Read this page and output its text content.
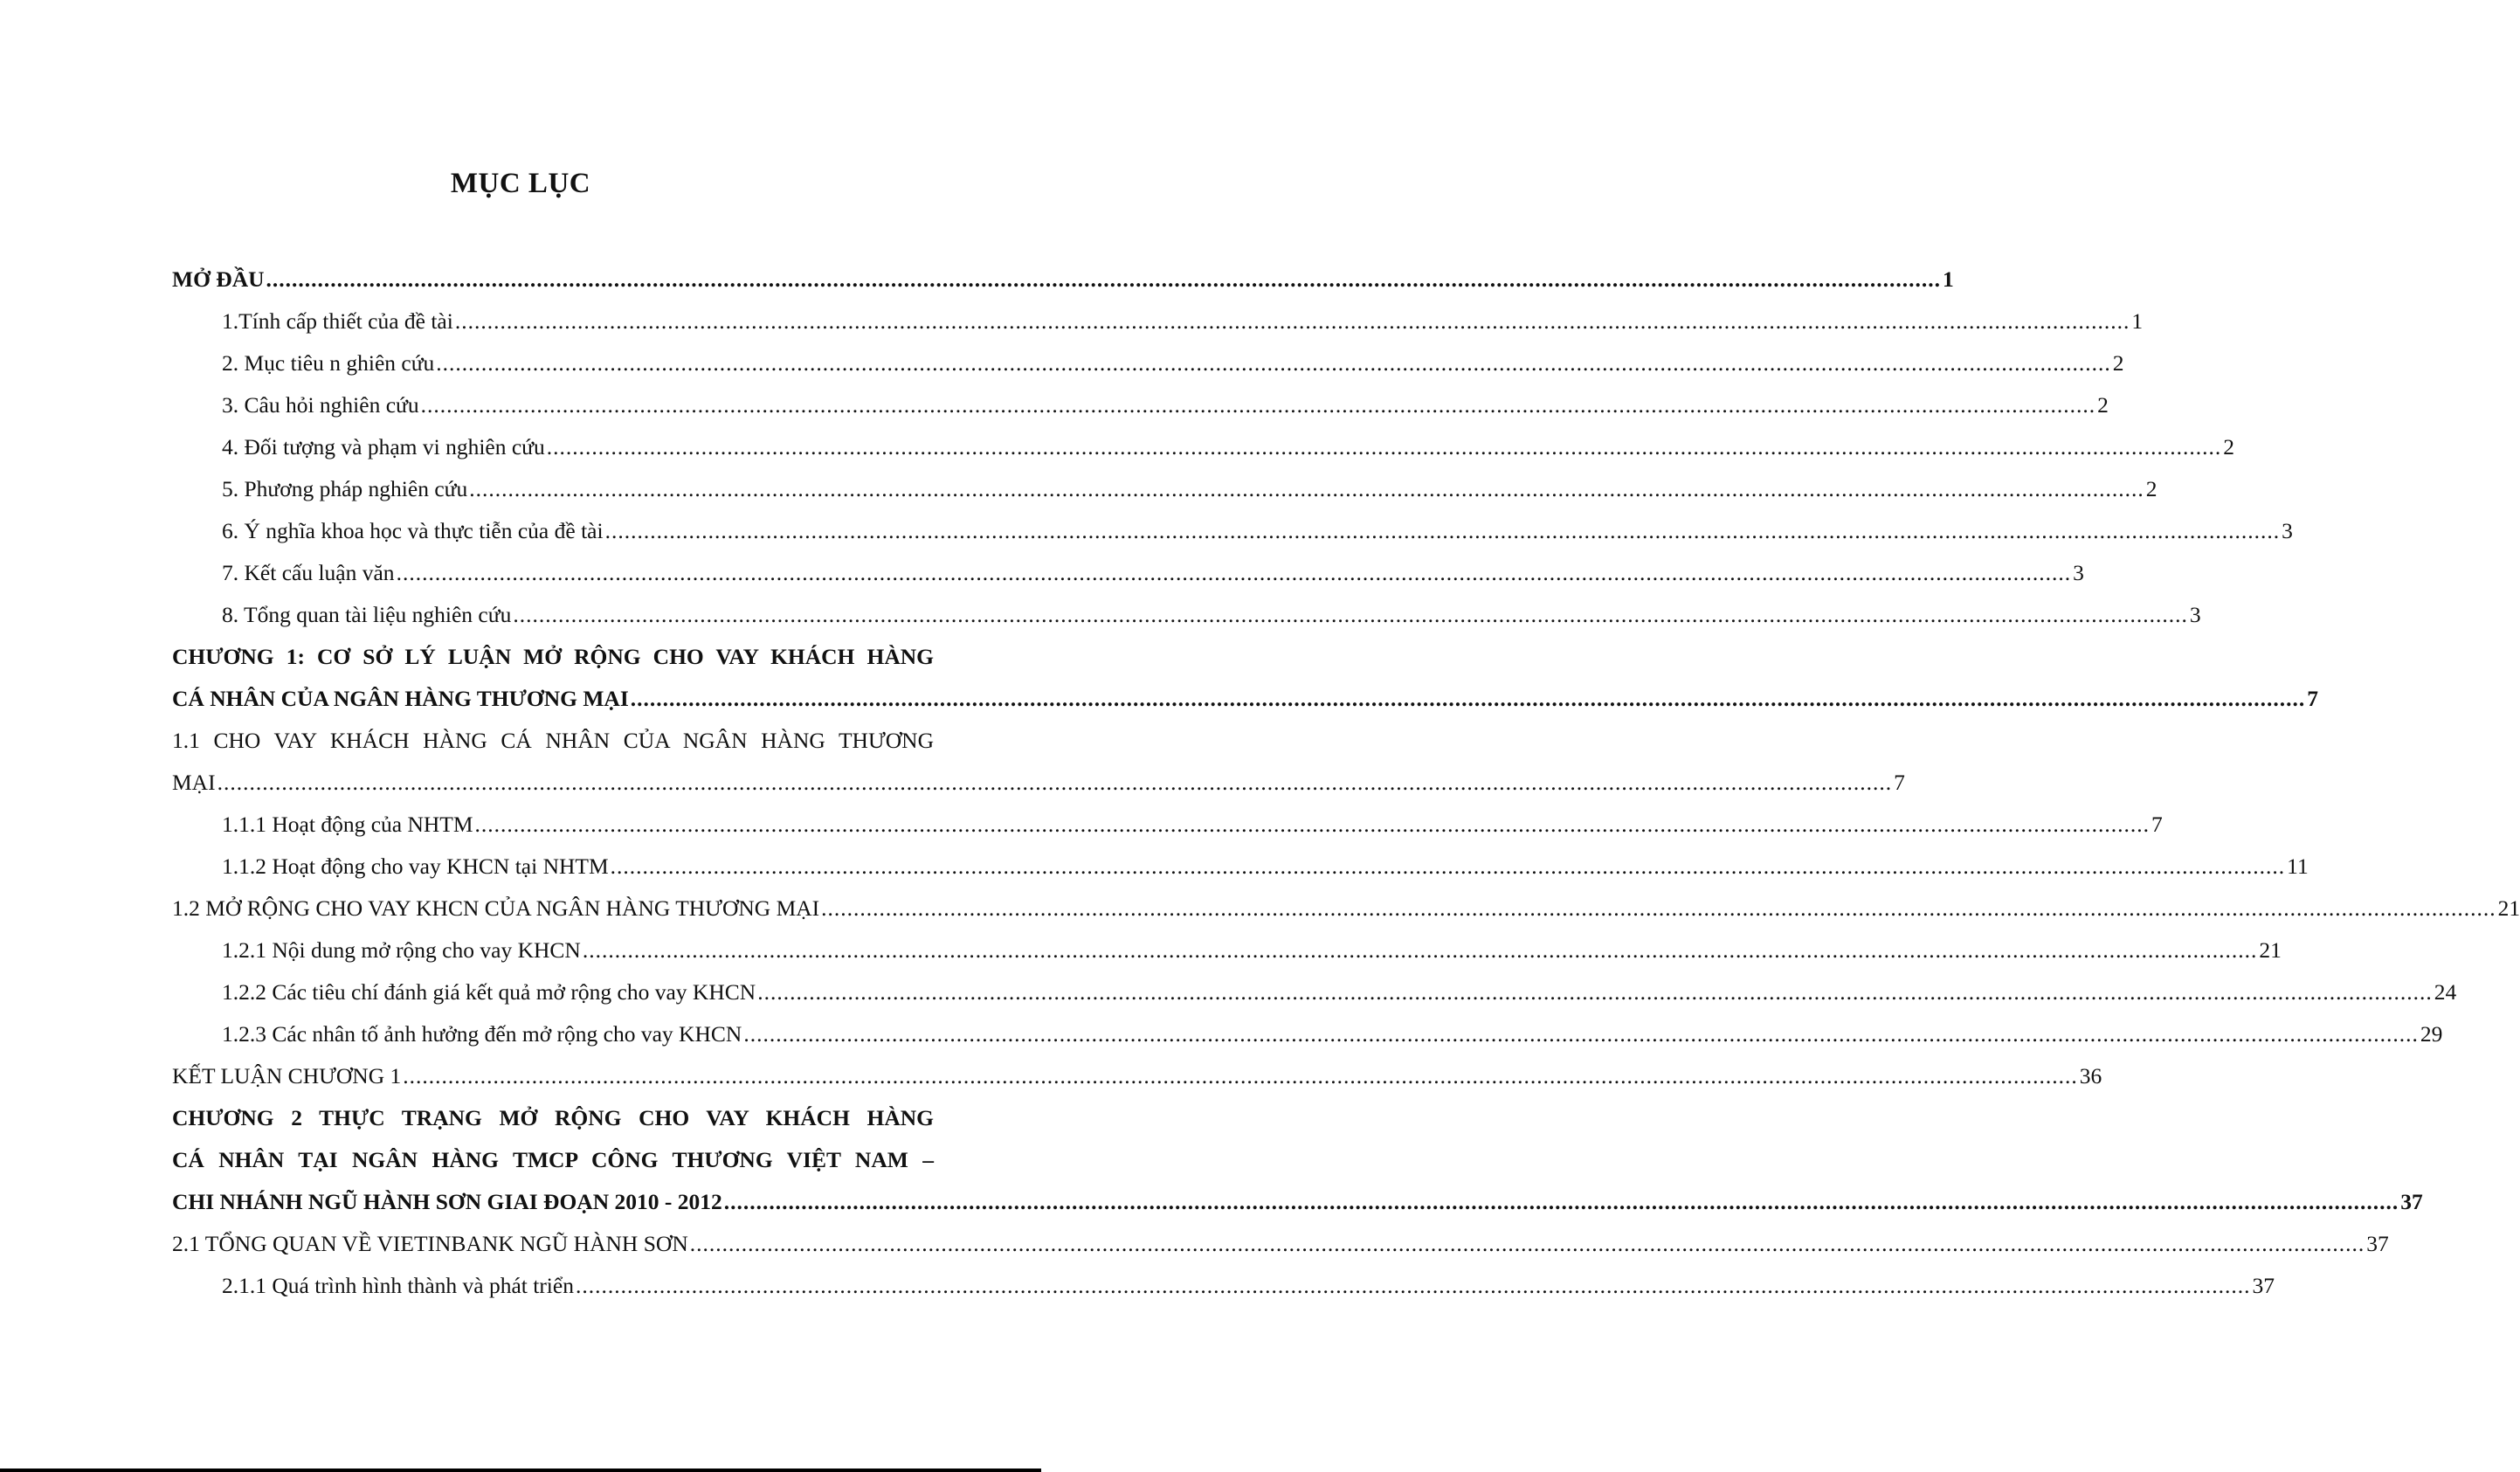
MỤC LỤC
MỞ ĐẦU .................................................................................................................................................................................................................................................................... 1
1.Tính cấp thiết của đề tài .................................................................................................................................................................................................................................................................... 1
2. Mục tiêu n ghiên cứu .................................................................................................................................................................................................................................................................... 2
3. Câu hỏi nghiên cứu .................................................................................................................................................................................................................................................................... 2
4. Đối tượng và phạm vi nghiên cứu .................................................................................................................................................................................................................................................................... 2
5. Phương pháp nghiên cứu .................................................................................................................................................................................................................................................................... 2
6. Ý nghĩa khoa học và thực tiễn của đề tài .................................................................................................................................................................................................................................................................... 3
7. Kết cấu luận văn .................................................................................................................................................................................................................................................................... 3
8. Tổng quan tài liệu nghiên cứu .................................................................................................................................................................................................................................................................... 3
CHƯƠNG 1: CƠ SỞ LÝ LUẬN MỞ RỘNG CHO VAY KHÁCH HÀNG
CÁ NHÂN CỦA NGÂN HÀNG THƯƠNG MẠI .................................................................................................................................................................................................................................................................... 7
1.1 CHO VAY KHÁCH HÀNG CÁ NHÂN CỦA NGÂN HÀNG THƯƠNG
MẠI .................................................................................................................................................................................................................................................................... 7
1.1.1 Hoạt động của NHTM .................................................................................................................................................................................................................................................................... 7
1.1.2 Hoạt động cho vay KHCN tại NHTM .................................................................................................................................................................................................................................................................... 11
1.2 MỞ RỘNG CHO VAY KHCN CỦA NGÂN HÀNG THƯƠNG MẠI .................................................................................................................................................................................................................................................................... 21
1.2.1 Nội dung mở rộng cho vay KHCN .................................................................................................................................................................................................................................................................... 21
1.2.2 Các tiêu chí đánh giá kết quả mở rộng cho vay KHCN .................................................................................................................................................................................................................................................................... 24
1.2.3 Các nhân tố ảnh hưởng đến mở rộng cho vay KHCN .................................................................................................................................................................................................................................................................... 29
KẾT LUẬN CHƯƠNG 1 .................................................................................................................................................................................................................................................................... 36
CHƯƠNG 2 THỰC TRẠNG MỞ RỘNG CHO VAY KHÁCH HÀNG
CÁ NHÂN TẠI NGÂN HÀNG TMCP CÔNG THƯƠNG VIỆT NAM –
CHI NHÁNH NGŨ HÀNH SƠN GIAI ĐOẠN 2010 - 2012 .................................................................................................................................................................................................................................................................... 37
2.1 TỔNG QUAN VỀ VIETINBANK NGŨ HÀNH SƠN .................................................................................................................................................................................................................................................................... 37
2.1.1 Quá trình hình thành và phát triển .................................................................................................................................................................................................................................................................... 37
